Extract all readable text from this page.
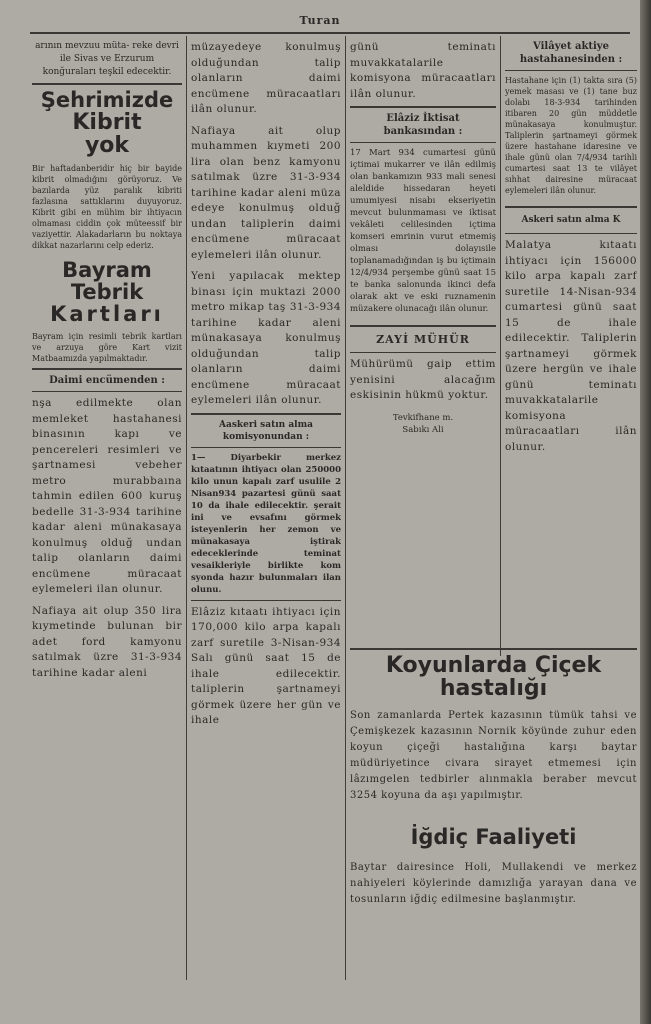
Turan

arının mevzuu müta- reke devri ile Sivas ve Erzurum konğuraları teşkil edecektir.

Şehrimizde

Kibrit

yok

Bir haftadanberidir hiç bir bayide kibrit olmadığını görüyoruz. Ve bazılarda yüz paralık kibriti fazlasına sattıklarını duyuyoruz. Kibrit gibi en mühim bir ihtiyacın olmaması ciddin çok müteessif bir vaziyettir. Alakadarların bu noktaya dikkat nazarlarını celp ederiz.

Bayram

Tebrik

Kartları

Bayram için resimli tebrik kartları ve arzuya göre Kart vizit Matbaamızda yapılmaktadır.

Daimi encümenden :

nşa edilmekte olan memleket hastahanesi binasının kapı ve pencereleri resimleri ve şartnamesi vebeher metro murabbaına tahmin edilen 600 kuruş bedelle 31-3-934 tarihine kadar aleni münakasaya konulmuş olduğ undan talip olanların daimi encümene müracaat eylemeleri ilan olunur.

Nafiaya ait olup 350 lira kıymetinde bulunan bir adet ford kamyonu satılmak üzre 31-3-934 tarihine kadar aleni

müzayedeye konulmuş olduğundan talip olanların daimi encümene müracaatları ilân olunur.

Nafiaya ait olup muhammen kıymeti 200 lira olan benz kamyonu satılmak üzre 31-3-934 tarihine kadar aleni müza edeye konulmuş olduğ undan taliplerin daimi encümene müracaat eylemeleri ilân olunur.

Yeni yapılacak mektep binası için muktazi 2000 metro mikap taş 31-3-934 tarihine kadar aleni münakasaya konulmuş olduğundan talip olanların daimi encümene müracaat eylemeleri ilân olunur.

Aaskeri satın alma komisyonundan :

1— Diyarbekir merkez kıtaatının ihtiyacı olan 250000 kilo unun kapalı zarf usulile 2 Nisan934 pazartesi günü saat 10 da ihale edilecektir. şerait ini ve evsafını görmek isteyenlerin her zemon ve münakasaya iştirak edeceklerinde teminat vesaikleriyle birlikte kom syonda hazır bulunmaları ilan olunu.

Elâziz kıtaatı ihtiyacı için 170,000 kilo arpa kapalı zarf suretile 3-Nisan-934 Salı günü saat 15 de ihale edilecektir. taliplerin şartnameyi görmek üzere her gün ve ihale

günü teminatı muvakkatalarile komisyona müracaatları ilân olunur.

Elâziz İktisat bankasından :

17 Mart 934 cumartesi günü içtimai mukarrer ve ilân edilmiş olan bankamızın 933 mali senesi aleldide hissedaran heyeti umumiyesi nisabı ekseriyetin mevcut bulunmaması ve iktisat vekâleti celilesinden içtima komseri emrinin vurut etmemiş olması dolayısile toplanamadığından iş bu içtimain 12/4/934 perşembe günü saat 15 te banka salonunda ikinci defa olarak akt ve eski ruznamenin müzakere olunacağı ilân olunur.

ZAYİ MÜHÜR

Mühürümü gaip ettim yenisini alacağım eskisinin hükmü yoktur.

Tevkifhane m.

Sabıkı Ali

Vilâyet aktiye hastahanesinden :

Hastahane için (1) takta sıra (5) yemek masası ve (1) tane buz dolabı 18-3-934 tarihinden itibaren 20 gün müddetle münakasaya konulmuştur. Taliplerin şartnameyi görmek üzere hastahane idaresine ve ihale günü olan 7/4/934 tarihli cumartesi saat 13 te vilâyet sıhhat dairesine müracaat eylemeleri ilân olunur.

Askeri satın alma K

Malatya kıtaatı ihtiyacı için 156000 kilo arpa kapalı zarf suretile 14-Nisan-934 cumartesi günü saat 15 de ihale edilecektir. Taliplerin şartnameyi görmek üzere hergün ve ihale günü teminatı muvakkatalarile komisyona müracaatları ilân olunur.

Koyunlarda Çiçek

hastalığı

Son zamanlarda Pertek kazasının tümük tahsi ve Çemişkezek kazasının Nornik köyünde zuhur eden koyun çiçeği hastalığına karşı baytar müdüriyetince civara sirayet etmemesi için lâzımgelen tedbirler alınmakla beraber mevcut 3254 koyuna da aşı yapılmıştır.

İğdiç Faaliyeti

Baytar dairesince Holi, Mullakendi ve merkez nahiyeleri köylerinde damızlığa yarayan dana ve tosunların iğdiç edilmesine başlanmıştır.
